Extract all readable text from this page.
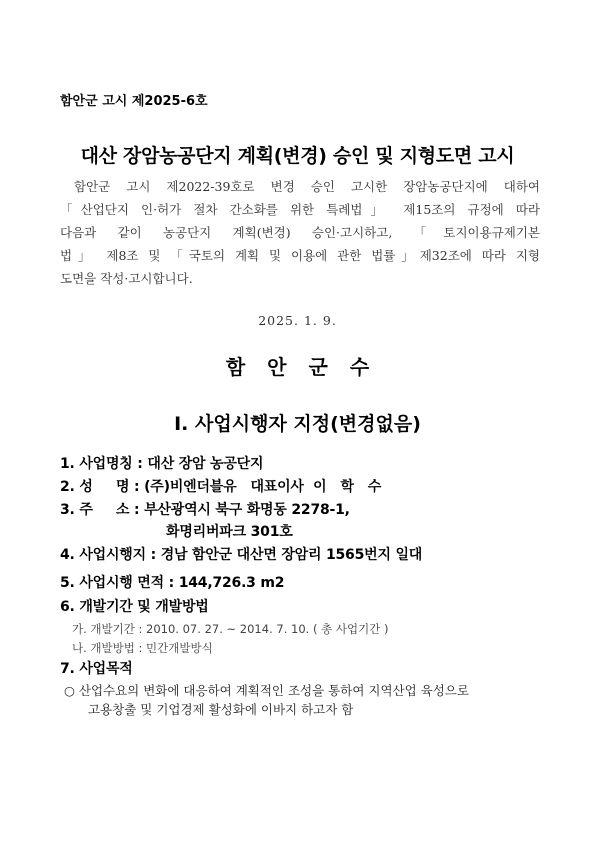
함안군 고시 제2025-6호
대산 장암농공단지 계획(변경) 승인 및 지형도면 고시
함안군 고시 제2022-39호로 변경 승인 고시한 장암농공단지에 대하여
「산업단지 인·허가 절차 간소화를 위한 특례법」 제15조의 규정에 따라
다음과 같이 농공단지 계획(변경) 승인·고시하고, 「토지이용규제기본
법」 제8조 및 「국토의 계획 및 이용에 관한 법률」제32조에 따라 지형
도면을 작성·고시합니다.
2025. 1. 9.
함안군수
Ⅰ. 사업시행자 지정(변경없음)
1. 사업명칭 : 대산 장암 농공단지
2. 성     명 : (주)비엔더블유   대표이사  이   학   수
3. 주     소 : 부산광역시 북구 화명동 2278-1,
화명리버파크 301호
4. 사업시행지 : 경남 함안군 대산면 장암리 1565번지 일대
5. 사업시행 면적 : 144,726.3 m2
6. 개발기간 및 개발방법
가. 개발기간 : 2010. 07. 27. ~ 2014. 7. 10. ( 총 사업기간 )
나. 개발방법 : 민간개발방식
7. 사업목적
○ 산업수요의 변화에 대응하여 계획적인 조성을 통하여 지역산업 육성으로
고용창출 및 기업경제 활성화에 이바지 하고자 함
